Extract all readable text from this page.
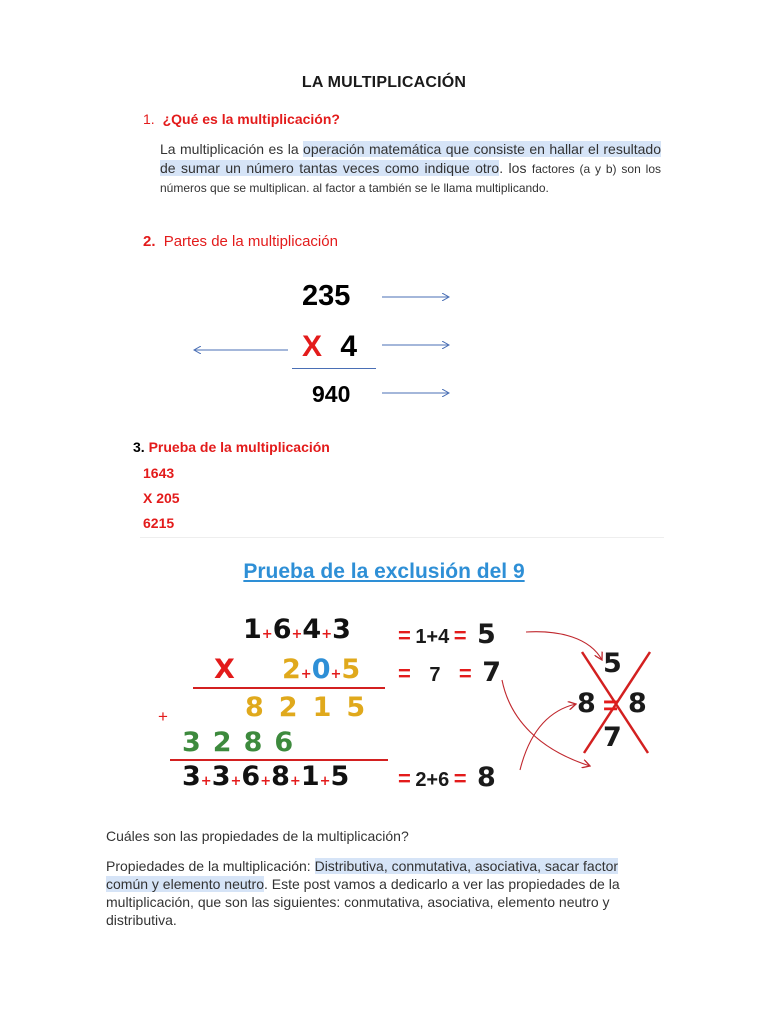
LA MULTIPLICACIÓN
1. ¿Qué es la multiplicación?
La multiplicación es la operación matemática que consiste en hallar el resultado de sumar un número tantas veces como indique otro. los factores (a y b) son los números que se multiplican. al factor a también se le llama multiplicando.
2. Partes de la multiplicación
235
X 4
940
3. Prueba de la multiplicación
1643
X 205
6215
Prueba de la exclusión del 9
1+6+4+3
X 2+0+5
8215
+
3286
3+3+6+8+1+5
= 1+4 = 5
= 7 = 7
= 2+6 = 8
5
8 = 8
7
Cuáles son las propiedades de la multiplicación?
Propiedades de la multiplicación: Distributiva, conmutativa, asociativa, sacar factor común y elemento neutro. Este post vamos a dedicarlo a ver las propiedades de la multiplicación, que son las siguientes: conmutativa, asociativa, elemento neutro y distributiva.
